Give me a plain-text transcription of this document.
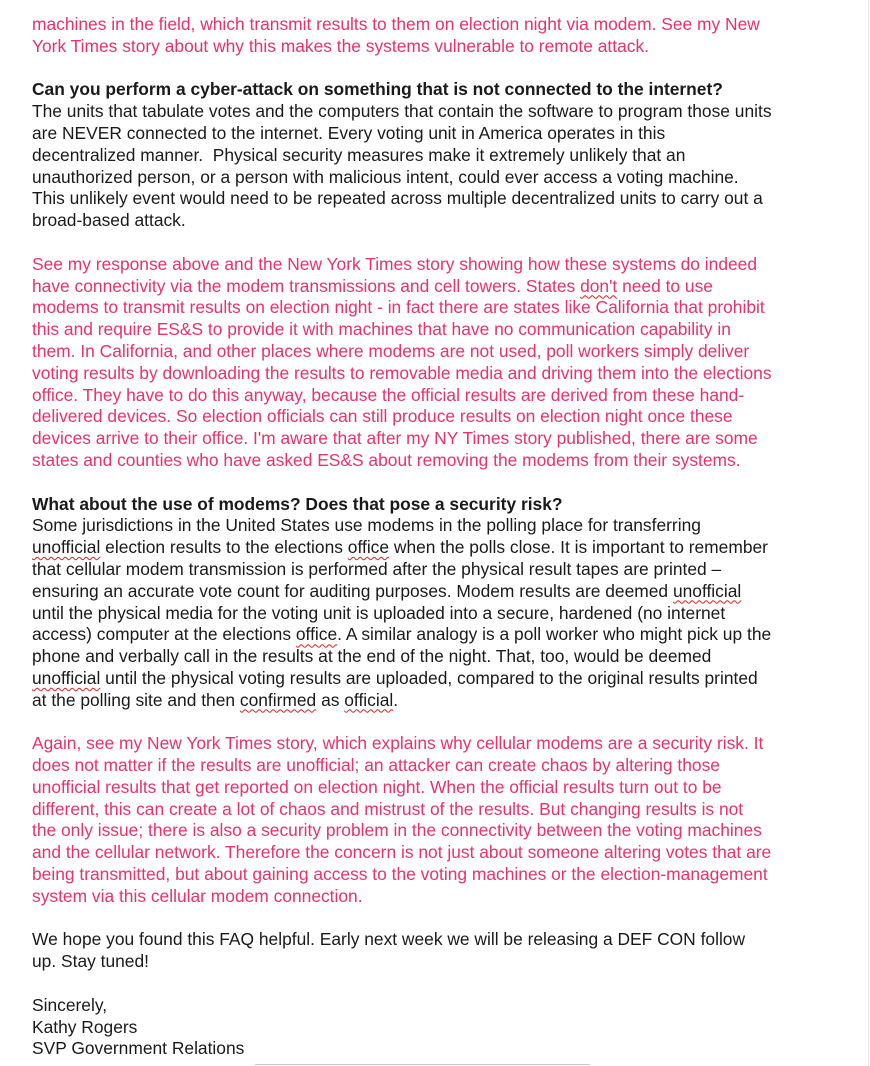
machines in the field, which transmit results to them on election night via modem. See my New
York Times story about why this makes the systems vulnerable to remote attack.
Can you perform a cyber-attack on something that is not connected to the internet?
The units that tabulate votes and the computers that contain the software to program those units
are NEVER connected to the internet. Every voting unit in America operates in this
decentralized manner.  Physical security measures make it extremely unlikely that an
unauthorized person, or a person with malicious intent, could ever access a voting machine.
This unlikely event would need to be repeated across multiple decentralized units to carry out a
broad-based attack.
See my response above and the New York Times story showing how these systems do indeed
have connectivity via the modem transmissions and cell towers. States don't need to use
modems to transmit results on election night - in fact there are states like California that prohibit
this and require ES&S to provide it with machines that have no communication capability in
them. In California, and other places where modems are not used, poll workers simply deliver
voting results by downloading the results to removable media and driving them into the elections
office. They have to do this anyway, because the official results are derived from these hand-
delivered devices. So election officials can still produce results on election night once these
devices arrive to their office. I'm aware that after my NY Times story published, there are some
states and counties who have asked ES&S about removing the modems from their systems.
What about the use of modems? Does that pose a security risk?
Some jurisdictions in the United States use modems in the polling place for transferring
unofficial election results to the elections office when the polls close. It is important to remember
that cellular modem transmission is performed after the physical result tapes are printed –
ensuring an accurate vote count for auditing purposes. Modem results are deemed unofficial
until the physical media for the voting unit is uploaded into a secure, hardened (no internet
access) computer at the elections office. A similar analogy is a poll worker who might pick up the
phone and verbally call in the results at the end of the night. That, too, would be deemed
unofficial until the physical voting results are uploaded, compared to the original results printed
at the polling site and then confirmed as official.
Again, see my New York Times story, which explains why cellular modems are a security risk. It
does not matter if the results are unofficial; an attacker can create chaos by altering those
unofficial results that get reported on election night. When the official results turn out to be
different, this can create a lot of chaos and mistrust of the results. But changing results is not
the only issue; there is also a security problem in the connectivity between the voting machines
and the cellular network. Therefore the concern is not just about someone altering votes that are
being transmitted, but about gaining access to the voting machines or the election-management
system via this cellular modem connection.
We hope you found this FAQ helpful. Early next week we will be releasing a DEF CON follow
up. Stay tuned!
Sincerely,
Kathy Rogers
SVP Government Relations
